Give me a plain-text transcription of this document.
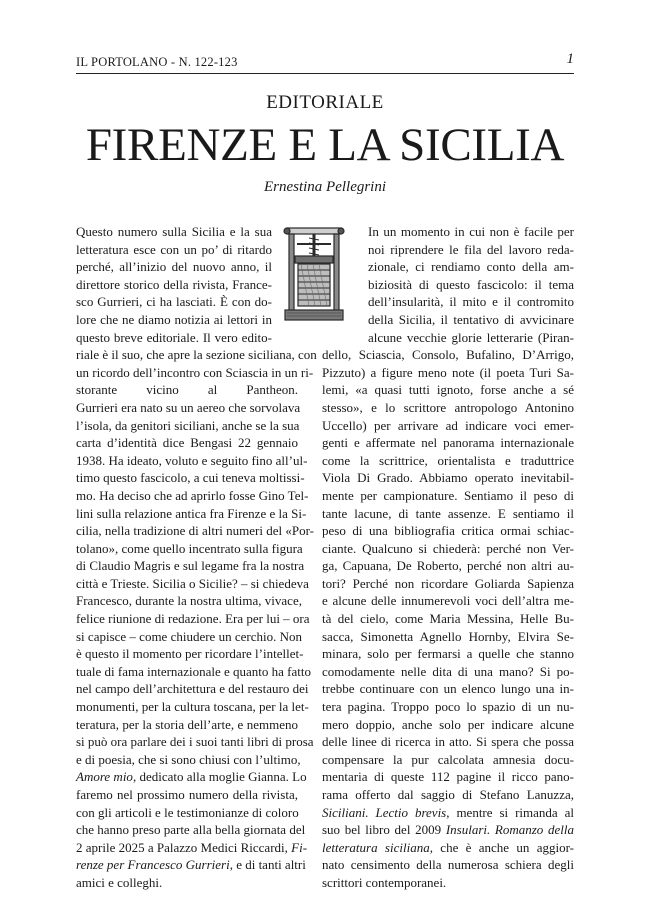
IL PORTOLANO - N. 122-123	1
EDITORIALE
FIRENZE E LA SICILIA
Ernestina Pellegrini
Questo numero sulla Sicilia e la sua
letteratura esce con un po’ di ritardo
perché, all’inizio del nuovo anno, il
direttore storico della rivista, France-
sco Gurrieri, ci ha lasciati. È con do-
lore che ne diamo notizia ai lettori in
questo breve editoriale. Il vero edito-
riale è il suo, che apre la sezione siciliana, con
un ricordo dell’incontro con Sciascia in un ri-
storante vicino al Pantheon.
Gurrieri era nato su un aereo che sorvolava
l’isola, da genitori siciliani, anche se la sua
carta d’identità dice Bengasi 22 gennaio
1938. Ha ideato, voluto e seguito fino all’ul-
timo questo fascicolo, a cui teneva moltissi-
mo. Ha deciso che ad aprirlo fosse Gino Tel-
lini sulla relazione antica fra Firenze e la Si-
cilia, nella tradizione di altri numeri del «Por-
tolano», come quello incentrato sulla figura
di Claudio Magris e sul legame fra la nostra
città e Trieste. Sicilia o Sicilie? – si chiedeva
Francesco, durante la nostra ultima, vivace,
felice riunione di redazione. Era per lui – ora
si capisce – come chiudere un cerchio. Non
è questo il momento per ricordare l’intellet-
tuale di fama internazionale e quanto ha fatto
nel campo dell’architettura e del restauro dei
monumenti, per la cultura toscana, per la let-
teratura, per la storia dell’arte, e nemmeno
si può ora parlare dei i suoi tanti libri di prosa
e di poesia, che si sono chiusi con l’ultimo,
Amore mio, dedicato alla moglie Gianna. Lo
faremo nel prossimo numero della rivista,
con gli articoli e le testimonianze di coloro
che hanno preso parte alla bella giornata del
2 aprile 2025 a Palazzo Medici Riccardi, Fi-
renze per Francesco Gurrieri, e di tanti altri
amici e colleghi.
In un momento in cui non è facile per
noi riprendere le fila del lavoro reda-
zionale, ci rendiamo conto della am-
biziosità di questo fascicolo: il tema
dell’insularità, il mito e il contromito
della Sicilia, il tentativo di avvicinare
alcune vecchie glorie letterarie (Piran-
dello, Sciascia, Consolo, Bufalino, D’Arrigo,
Pizzuto) a figure meno note (il poeta Turi Sa-
lemi, «a quasi tutti ignoto, forse anche a sé
stesso», e lo scrittore antropologo Antonino
Uccello) per arrivare ad indicare voci emer-
genti e affermate nel panorama internazionale
come la scrittrice, orientalista e traduttrice
Viola Di Grado. Abbiamo operato inevitabil-
mente per campionature. Sentiamo il peso di
tante lacune, di tante assenze. E sentiamo il
peso di una bibliografia critica ormai schiac-
ciante. Qualcuno si chiederà: perché non Ver-
ga, Capuana, De Roberto, perché non altri au-
tori? Perché non ricordare Goliarda Sapienza
e alcune delle innumerevoli voci dell’altra me-
tà del cielo, come Maria Messina, Helle Bu-
sacca, Simonetta Agnello Hornby, Elvira Se-
minara, solo per fermarsi a quelle che stanno
comodamente nelle dita di una mano? Si po-
trebbe continuare con un elenco lungo una in-
tera pagina. Troppo poco lo spazio di un nu-
mero doppio, anche solo per indicare alcune
delle linee di ricerca in atto. Si spera che possa
compensare la pur calcolata amnesia docu-
mentaria di queste 112 pagine il ricco pano-
rama offerto dal saggio di Stefano Lanuzza,
Siciliani. Lectio brevis, mentre si rimanda al
suo bel libro del 2009 Insulari. Romanzo della
letteratura siciliana, che è anche un aggior-
nato censimento della numerosa schiera degli
scrittori contemporanei.
